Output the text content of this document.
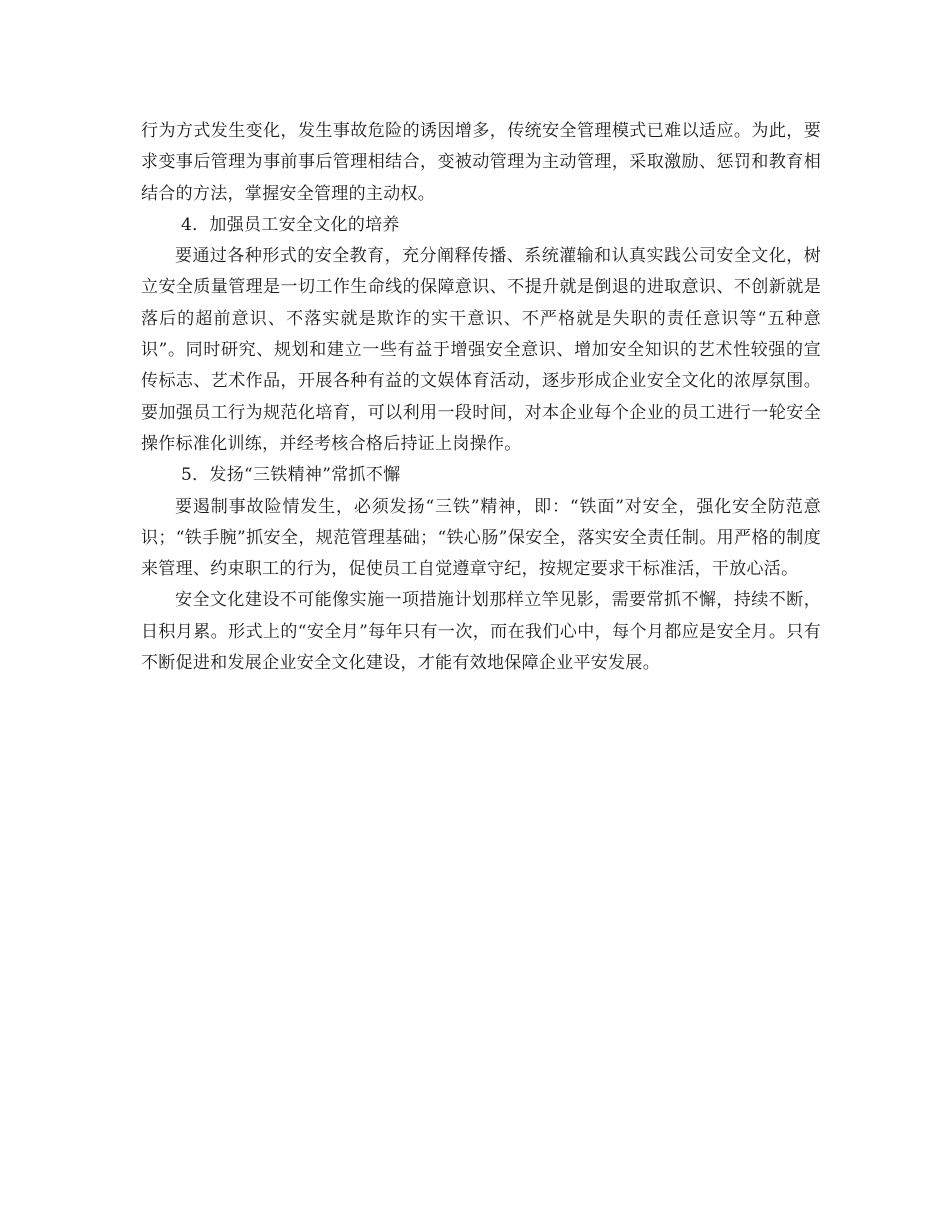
行为方式发生变化，发生事故危险的诱因增多，传统安全管理模式已难以适应。为此，要求变事后管理为事前事后管理相结合，变被动管理为主动管理，采取激励、惩罚和教育相结合的方法，掌握安全管理的主动权。

4．加强员工安全文化的培养

要通过各种形式的安全教育，充分阐释传播、系统灌输和认真实践公司安全文化，树立安全质量管理是一切工作生命线的保障意识、不提升就是倒退的进取意识、不创新就是落后的超前意识、不落实就是欺诈的实干意识、不严格就是失职的责任意识等“五种意识”。同时研究、规划和建立一些有益于增强安全意识、增加安全知识的艺术性较强的宣传标志、艺术作品，开展各种有益的文娱体育活动，逐步形成企业安全文化的浓厚氛围。要加强员工行为规范化培育，可以利用一段时间，对本企业每个企业的员工进行一轮安全操作标准化训练，并经考核合格后持证上岗操作。

5．发扬“三铁精神”常抓不懈

要遏制事故险情发生，必须发扬“三铁”精神，即：“铁面”对安全，强化安全防范意识；“铁手腕”抓安全，规范管理基础；“铁心肠”保安全，落实安全责任制。用严格的制度来管理、约束职工的行为，促使员工自觉遵章守纪，按规定要求干标准活，干放心活。

安全文化建设不可能像实施一项措施计划那样立竿见影，需要常抓不懈，持续不断，日积月累。形式上的“安全月”每年只有一次，而在我们心中，每个月都应是安全月。只有不断促进和发展企业安全文化建设，才能有效地保障企业平安发展。
